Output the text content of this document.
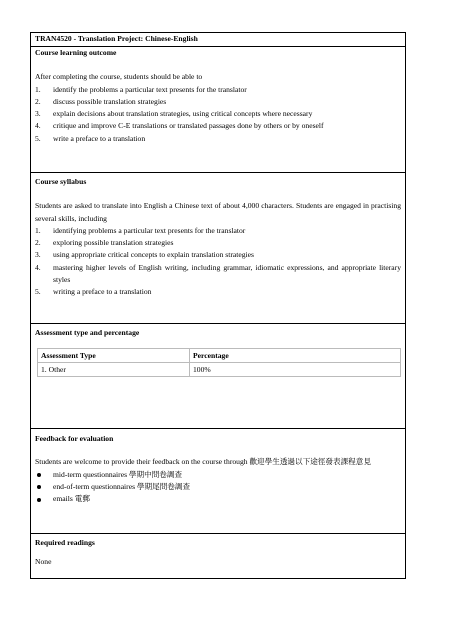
TRAN4520 - Translation Project: Chinese-English
Course learning outcome
After completing the course, students should be able to
1. identify the problems a particular text presents for the translator
2. discuss possible translation strategies
3. explain decisions about translation strategies, using critical concepts where necessary
4. critique and improve C-E translations or translated passages done by others or by oneself
5. write a preface to a translation
Course syllabus
Students are asked to translate into English a Chinese text of about 4,000 characters. Students are engaged in practising several skills, including
1. identifying problems a particular text presents for the translator
2. exploring possible translation strategies
3. using appropriate critical concepts to explain translation strategies
4. mastering higher levels of English writing, including grammar, idiomatic expressions, and appropriate literary styles
5. writing a preface to a translation
Assessment type and percentage
Assessment Type	Percentage
1. Other	100%
Feedback for evaluation
Students are welcome to provide their feedback on the course through 歡迎學生透過以下途徑發表課程意見
mid-term questionnaires 學期中問卷調查
end-of-term questionnaires 學期尾問卷調查
emails 電郵
Required readings
None
